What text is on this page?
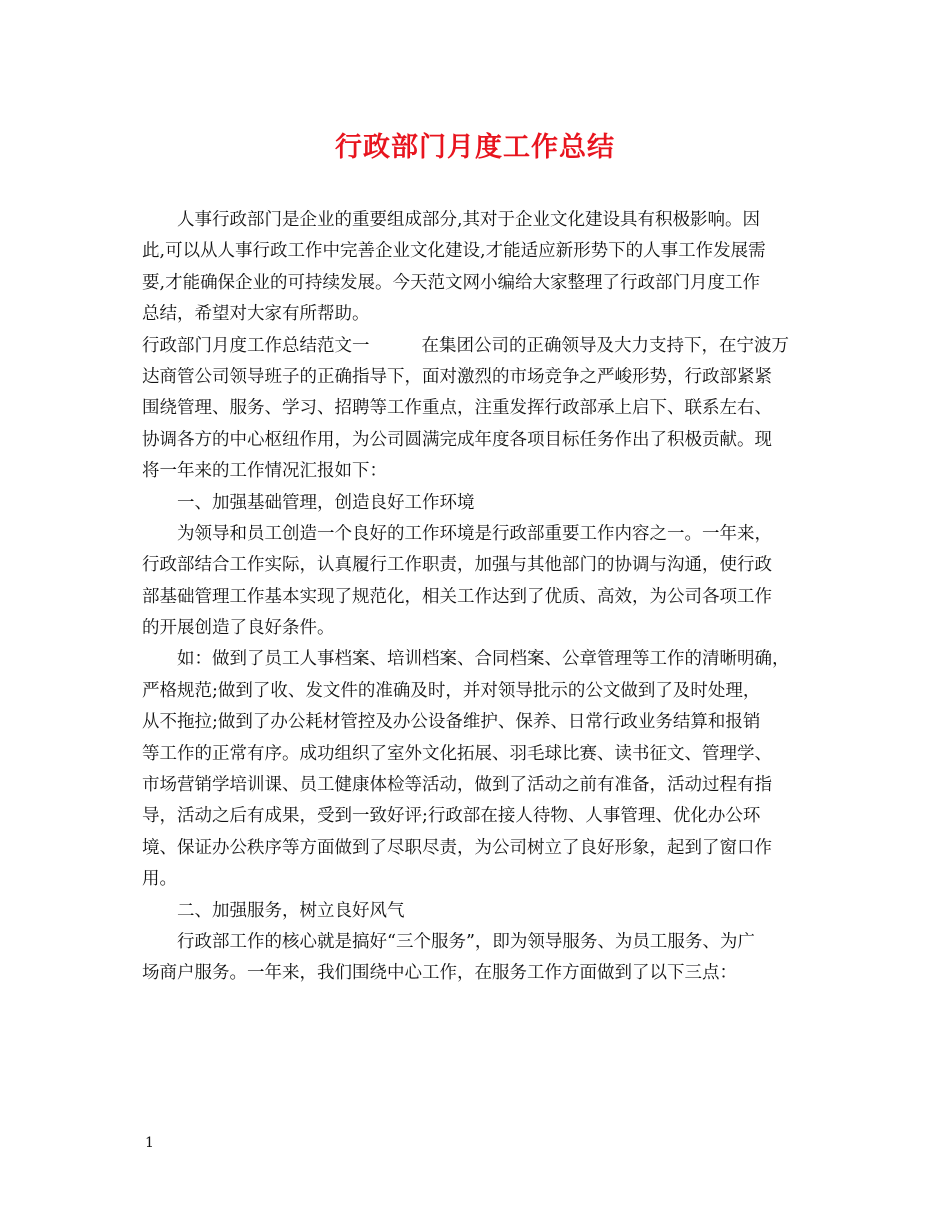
行政部门月度工作总结
人事行政部门是企业的重要组成部分,其对于企业文化建设具有积极影响。因
此,可以从人事行政工作中完善企业文化建设,才能适应新形势下的人事工作发展需
要,才能确保企业的可持续发展。今天范文网小编给大家整理了行政部门月度工作
总结，希望对大家有所帮助。
行政部门月度工作总结范文一	在集团公司的正确领导及大力支持下，在宁波万
达商管公司领导班子的正确指导下，面对激烈的市场竞争之严峻形势，行政部紧紧
围绕管理、服务、学习、招聘等工作重点，注重发挥行政部承上启下、联系左右、
协调各方的中心枢纽作用，为公司圆满完成年度各项目标任务作出了积极贡献。现
将一年来的工作情况汇报如下：
一、加强基础管理，创造良好工作环境
为领导和员工创造一个良好的工作环境是行政部重要工作内容之一。一年来，
行政部结合工作实际，认真履行工作职责，加强与其他部门的协调与沟通，使行政
部基础管理工作基本实现了规范化，相关工作达到了优质、高效，为公司各项工作
的开展创造了良好条件。
如：做到了员工人事档案、培训档案、合同档案、公章管理等工作的清晰明确，
严格规范;做到了收、发文件的准确及时，并对领导批示的公文做到了及时处理，
从不拖拉;做到了办公耗材管控及办公设备维护、保养、日常行政业务结算和报销
等工作的正常有序。成功组织了室外文化拓展、羽毛球比赛、读书征文、管理学、
市场营销学培训课、员工健康体检等活动，做到了活动之前有准备，活动过程有指
导，活动之后有成果，受到一致好评;行政部在接人待物、人事管理、优化办公环
境、保证办公秩序等方面做到了尽职尽责，为公司树立了良好形象，起到了窗口作
用。
二、加强服务，树立良好风气
行政部工作的核心就是搞好“三个服务”，即为领导服务、为员工服务、为广
场商户服务。一年来，我们围绕中心工作，在服务工作方面做到了以下三点：
1
